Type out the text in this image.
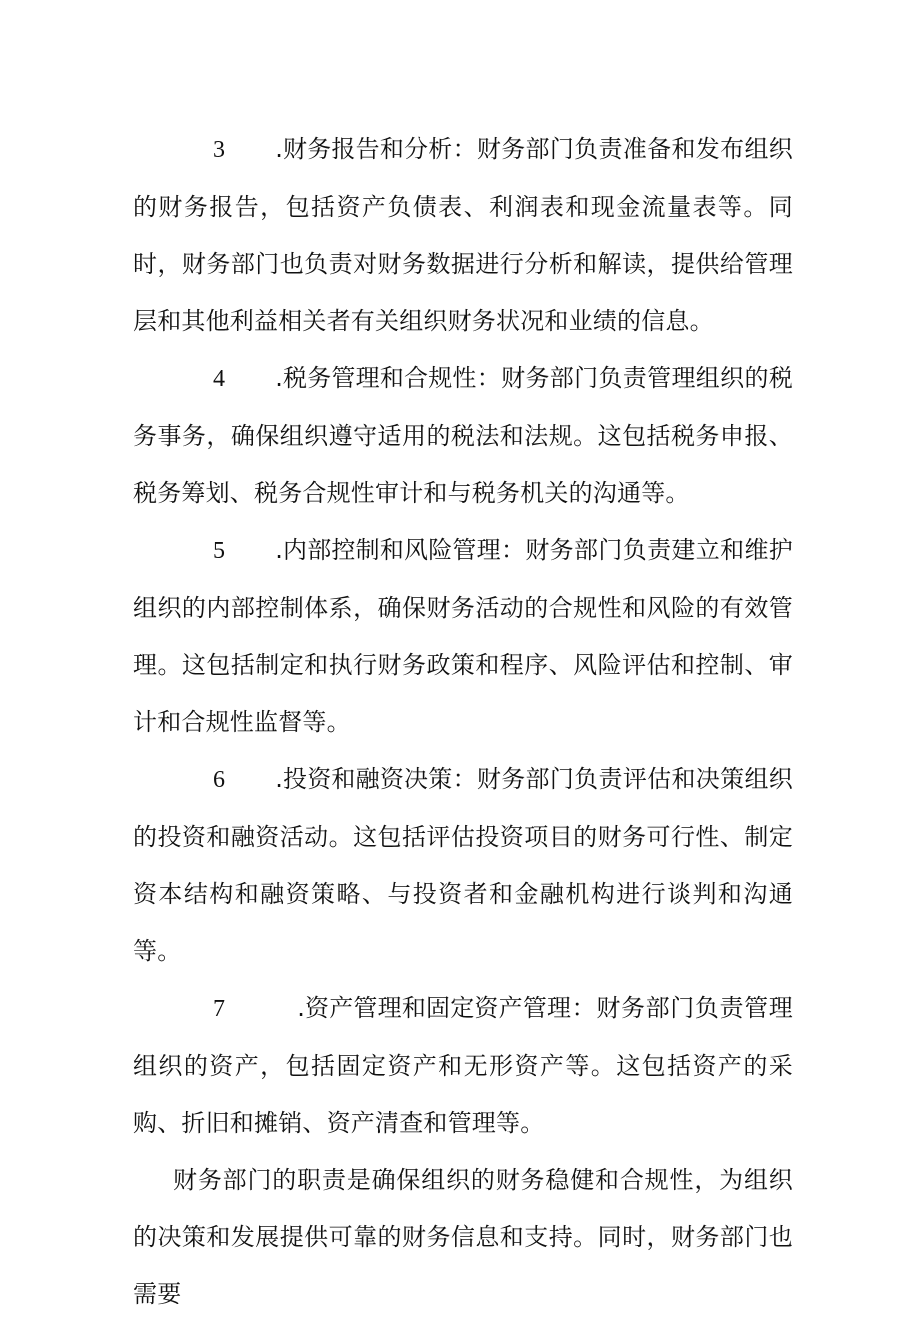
3 .财务报告和分析：财务部门负责准备和发布组织的财务报告，包括资产负债表、利润表和现金流量表等。同时，财务部门也负责对财务数据进行分析和解读，提供给管理层和其他利益相关者有关组织财务状况和业绩的信息。

4 .税务管理和合规性：财务部门负责管理组织的税务事务，确保组织遵守适用的税法和法规。这包括税务申报、税务筹划、税务合规性审计和与税务机关的沟通等。

5 .内部控制和风险管理：财务部门负责建立和维护组织的内部控制体系，确保财务活动的合规性和风险的有效管理。这包括制定和执行财务政策和程序、风险评估和控制、审计和合规性监督等。

6 .投资和融资决策：财务部门负责评估和决策组织的投资和融资活动。这包括评估投资项目的财务可行性、制定资本结构和融资策略、与投资者和金融机构进行谈判和沟通等。

7	.资产管理和固定资产管理：财务部门负责管理组织的资产，包括固定资产和无形资产等。这包括资产的采购、折旧和摊销、资产清查和管理等。

财务部门的职责是确保组织的财务稳健和合规性，为组织的决策和发展提供可靠的财务信息和支持。同时，财务部门也需要
